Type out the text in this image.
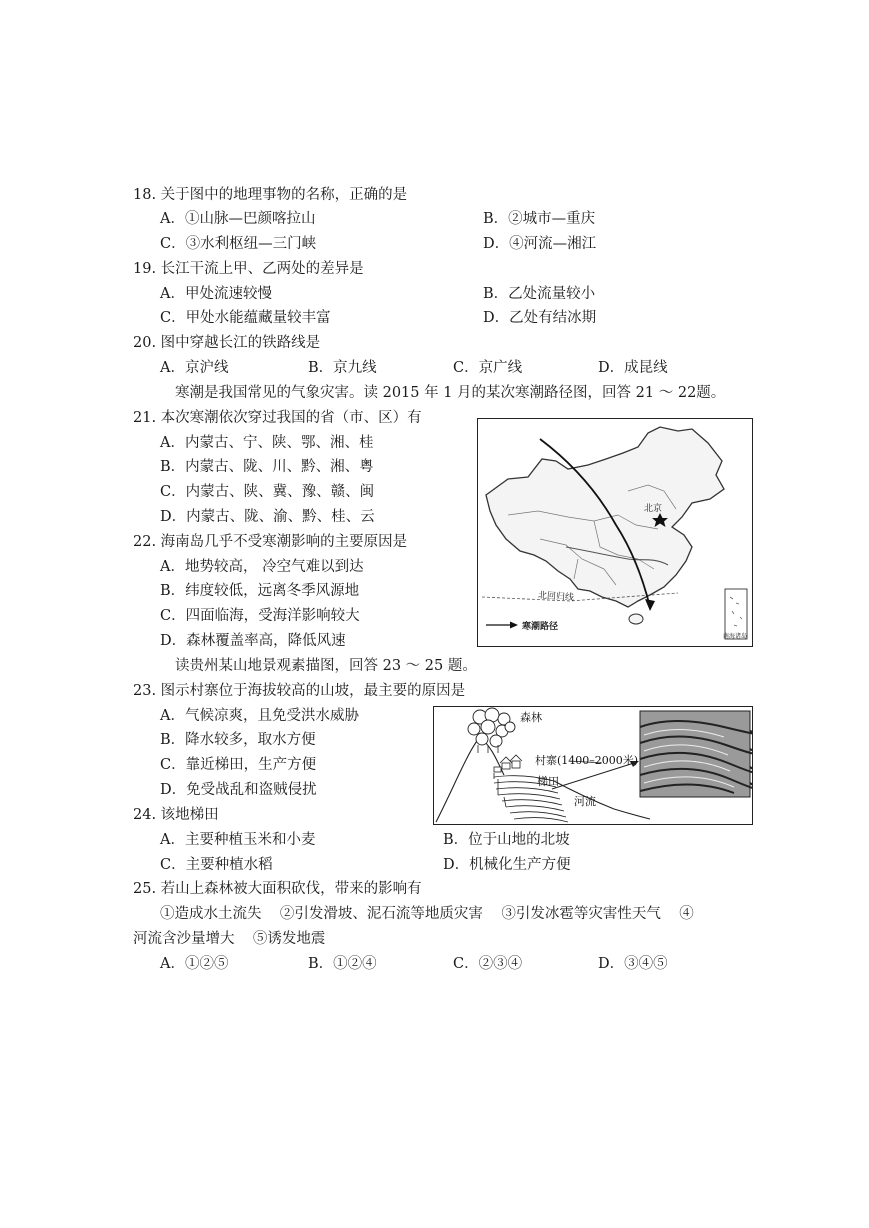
18. 关于图中的地理事物的名称，正确的是
A．①山脉—巴颜喀拉山	B．②城市—重庆
C．③水利枢纽—三门峡	D．④河流—湘江
19. 长江干流上甲、乙两处的差异是
A．甲处流速较慢	B．乙处流量较小
C．甲处水能蕴藏量较丰富	D．乙处有结冰期
20. 图中穿越长江的铁路线是
A．京沪线	B．京九线	C．京广线	D．成昆线
寒潮是我国常见的气象灾害。读 2015 年 1 月的某次寒潮路径图，回答 21 ～ 22题。
21. 本次寒潮依次穿过我国的省（市、区）有
A．内蒙古、宁、陕、鄂、湘、桂
B．内蒙古、陇、川、黔、湘、粤
C．内蒙古、陕、冀、豫、赣、闽
D．内蒙古、陇、渝、黔、桂、云
22. 海南岛几乎不受寒潮影响的主要原因是
A．地势较高， 冷空气难以到达
B．纬度较低，远离冬季风源地
C．四面临海，受海洋影响较大
D．森林覆盖率高，降低风速
北京
北回归线
寒潮路径
南海诸岛
读贵州某山地景观素描图，回答 23 ～ 25 题。
23. 图示村寨位于海拔较高的山坡，最主要的原因是
A．气候凉爽，且免受洪水威胁
B．降水较多，取水方便
C．靠近梯田，生产方便
D．免受战乱和盗贼侵扰
森林
村寨(1400–2000米)
梯田
河流
24. 该地梯田
A．主要种植玉米和小麦	B．位于山地的北坡
C．主要种植水稻	D．机械化生产方便
25. 若山上森林被大面积砍伐，带来的影响有
①造成水土流失    ②引发滑坡、泥石流等地质灾害    ③引发冰雹等灾害性天气    ④
河流含沙量增大    ⑤诱发地震
A．①②⑤	B．①②④	C．②③④	D．③④⑤
